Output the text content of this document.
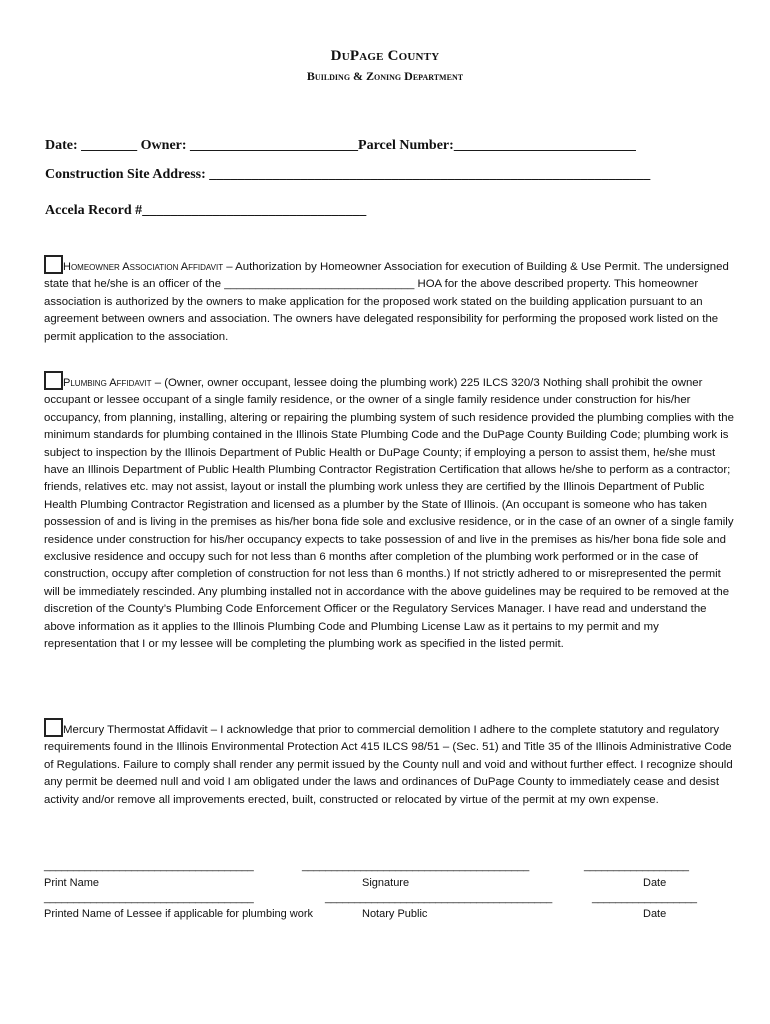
DuPage County
Building & Zoning Department
Date: ________ Owner: ________________________Parcel Number:__________________________
Construction Site Address: _______________________________________________________________
Accela Record #________________________________

Homeowner Association Affidavit – Authorization by Homeowner Association for execution of Building & Use Permit. The undersigned state that he/she is an officer of the ______________________________ HOA for the above described property. This homeowner association is authorized by the owners to make application for the proposed work stated on the building application pursuant to an agreement between owners and association. The owners have delegated responsibility for performing the proposed work listed on the permit application to the association.

Plumbing Affidavit – (Owner, owner occupant, lessee doing the plumbing work) 225 ILCS 320/3 Nothing shall prohibit the owner occupant or lessee occupant of a single family residence, or the owner of a single family residence under construction for his/her occupancy, from planning, installing, altering or repairing the plumbing system of such residence provided the plumbing complies with the minimum standards for plumbing contained in the Illinois State Plumbing Code and the DuPage County Building Code; plumbing work is subject to inspection by the Illinois Department of Public Health or DuPage County; if employing a person to assist them, he/she must have an Illinois Department of Public Health Plumbing Contractor Registration Certification that allows he/she to perform as a contractor; friends, relatives etc. may not assist, layout or install the plumbing work unless they are certified by the Illinois Department of Public Health Plumbing Contractor Registration and licensed as a plumber by the State of Illinois. (An occupant is someone who has taken possession of and is living in the premises as his/her bona fide sole and exclusive residence, or in the case of an owner of a single family residence under construction for his/her occupancy expects to take possession of and live in the premises as his/her bona fide sole and exclusive residence and occupy such for not less than 6 months after completion of the plumbing work performed or in the case of construction, occupy after completion of construction for not less than 6 months.) If not strictly adhered to or misrepresented the permit will be immediately rescinded. Any plumbing installed not in accordance with the above guidelines may be required to be removed at the discretion of the County’s Plumbing Code Enforcement Officer or the Regulatory Services Manager. I have read and understand the above information as it applies to the Illinois Plumbing Code and Plumbing License Law as it pertains to my permit and my representation that I or my lessee will be completing the plumbing work as specified in the listed permit.

Mercury Thermostat Affidavit – I acknowledge that prior to commercial demolition I adhere to the complete statutory and regulatory requirements found in the Illinois Environmental Protection Act 415 ILCS 98/51 – (Sec. 51) and Title 35 of the Illinois Administrative Code of Regulations. Failure to comply shall render any permit issued by the County null and void and without further effect. I recognize should any permit be deemed null and void I am obligated under the laws and ordinances of DuPage County to immediately cease and desist activity and/or remove all improvements erected, built, constructed or relocated by virtue of the permit at my own expense.

____________________________________	_______________________________________	__________________
Print Name	Signature	Date
____________________________________	_______________________________________	__________________
Printed Name of Lessee if applicable for plumbing work	Notary Public	Date
